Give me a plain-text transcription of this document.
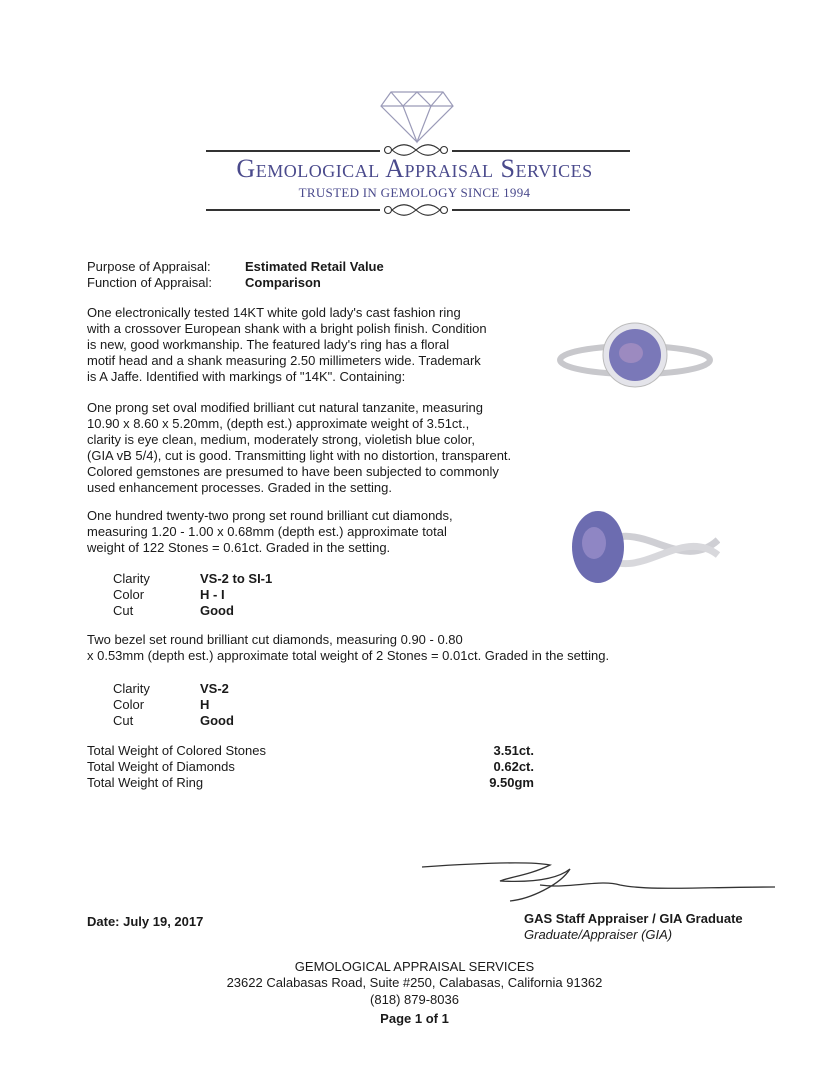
Gemological Appraisal Services
TRUSTED IN GEMOLOGY SINCE 1994
Purpose of Appraisal:	Estimated Retail Value
Function of Appraisal:	Comparison
One electronically tested 14KT white gold lady's cast fashion ring
with a crossover European shank with a bright polish finish. Condition
is new, good workmanship. The featured lady's ring has a floral
motif head and a shank measuring 2.50 millimeters wide. Trademark
is A Jaffe. Identified with markings of "14K". Containing:
One prong set oval modified brilliant cut natural tanzanite, measuring
10.90 x 8.60 x 5.20mm, (depth est.) approximate weight of 3.51ct.,
clarity is eye clean, medium, moderately strong, violetish blue color,
(GIA vB 5/4), cut is good. Transmitting light with no distortion, transparent.
Colored gemstones are presumed to have been subjected to commonly
used enhancement processes. Graded in the setting.
One hundred twenty-two prong set round brilliant cut diamonds,
measuring 1.20 - 1.00 x 0.68mm (depth est.) approximate total
weight of 122 Stones = 0.61ct. Graded in the setting.
Clarity	VS-2 to SI-1
Color	H - I
Cut	Good
Two bezel set round brilliant cut diamonds, measuring 0.90 - 0.80
x 0.53mm (depth est.) approximate total weight of 2 Stones = 0.01ct. Graded in the setting.
Clarity	VS-2
Color	H
Cut	Good
Total Weight of Colored Stones	3.51ct.
Total Weight of Diamonds	0.62ct.
Total Weight of Ring	9.50gm
Date: July 19, 2017	GAS Staff Appraiser / GIA Graduate
Graduate/Appraiser (GIA)
GEMOLOGICAL APPRAISAL SERVICES
23622 Calabasas Road, Suite #250, Calabasas, California 91362
(818) 879-8036
Page 1 of 1
